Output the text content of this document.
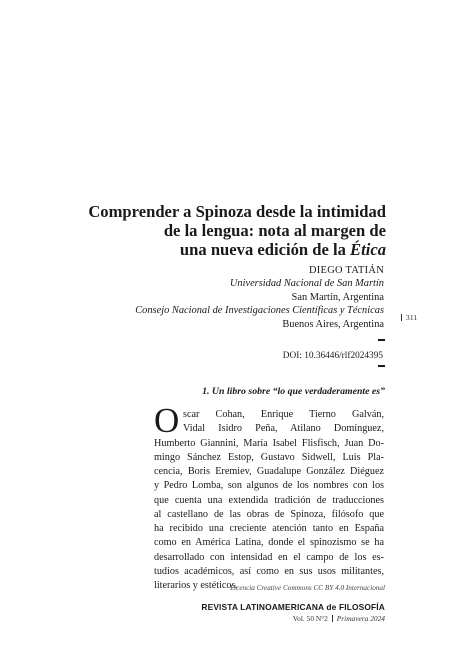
Comprender a Spinoza desde la intimidad
de la lengua: nota al margen de
una nueva edición de la Ética
DIEGO TATIÁN
Universidad Nacional de San Martín
San Martín, Argentina
Consejo Nacional de Investigaciones Científicas y Técnicas
Buenos Aires, Argentina
311
DOI: 10.36446/rlf2024395
1. Un libro sobre “lo que verdaderamente es”
O scar Cohan, Enrique Tierno Galván,
Vidal Isidro Peña, Atilano Domínguez,
Humberto Giannini, María Isabel Flisfisch, Juan Do-
mingo Sánchez Estop, Gustavo Sidwell, Luis Pla-
cencia, Boris Eremiev, Guadalupe González Diéguez
y Pedro Lomba, son algunos de los nombres con los
que cuenta una extendida tradición de traducciones
al castellano de las obras de Spinoza, filósofo que
ha recibido una creciente atención tanto en España
como en América Latina, donde el spinozismo se ha
desarrollado con intensidad en el campo de los es-
tudios académicos, así como en sus usos militantes,
literarios y estéticos.
Licencia Creative Commons CC BY 4.0 Internacional
REVISTA LATINOAMERICANA de FILOSOFÍA
Vol. 50 N°2 Primavera 2024
